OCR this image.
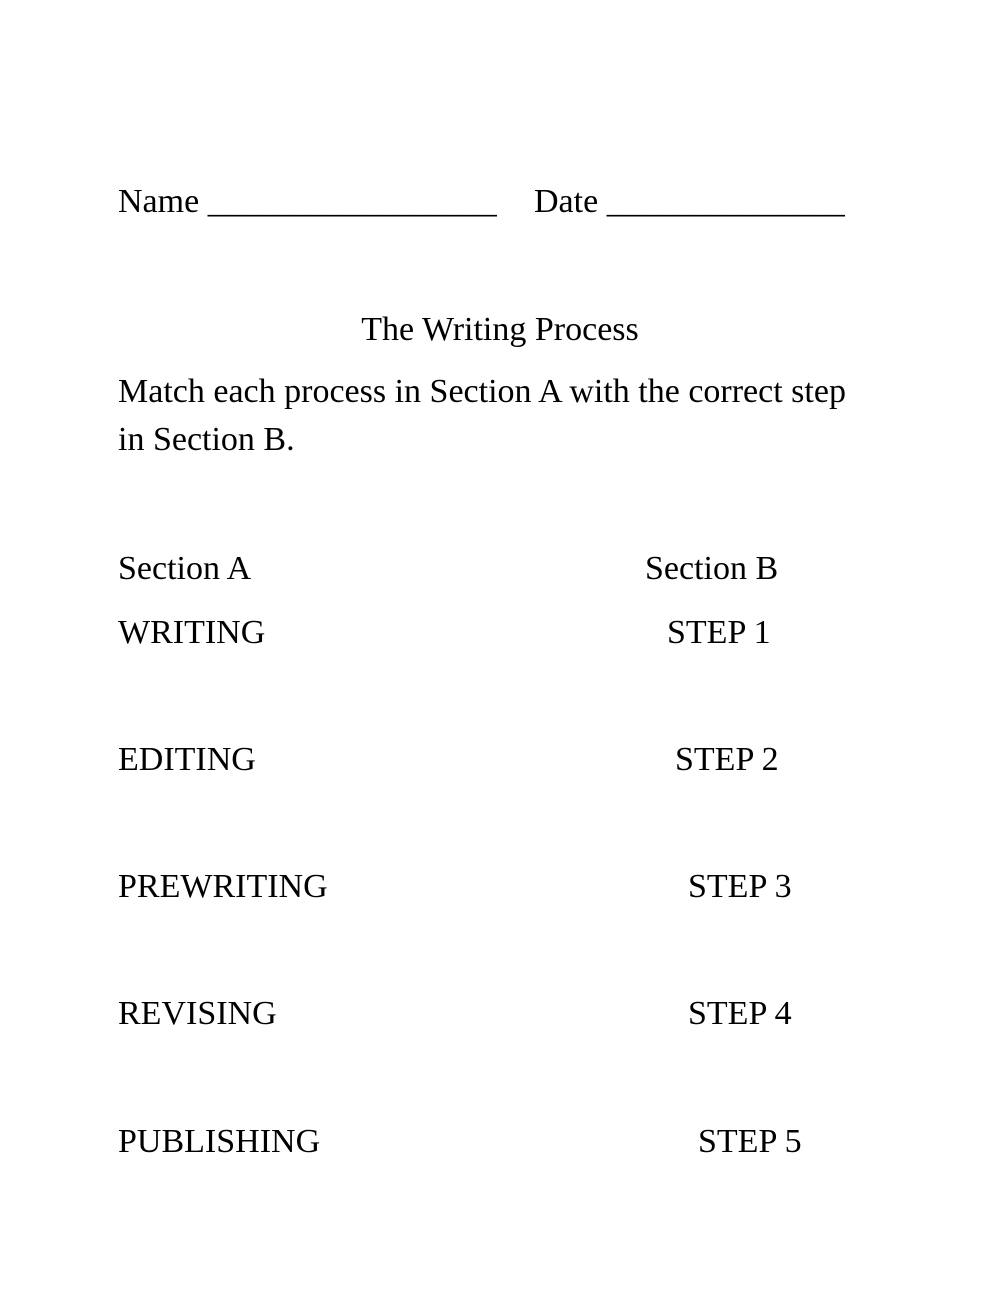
Name _________________ Date ______________
The Writing Process
Match each process in Section A with the correct step in Section B.
Section A	Section B
WRITING
EDITING
PREWRITING
REVISING
PUBLISHING
STEP 1
STEP 2
STEP 3
STEP 4
STEP 5
